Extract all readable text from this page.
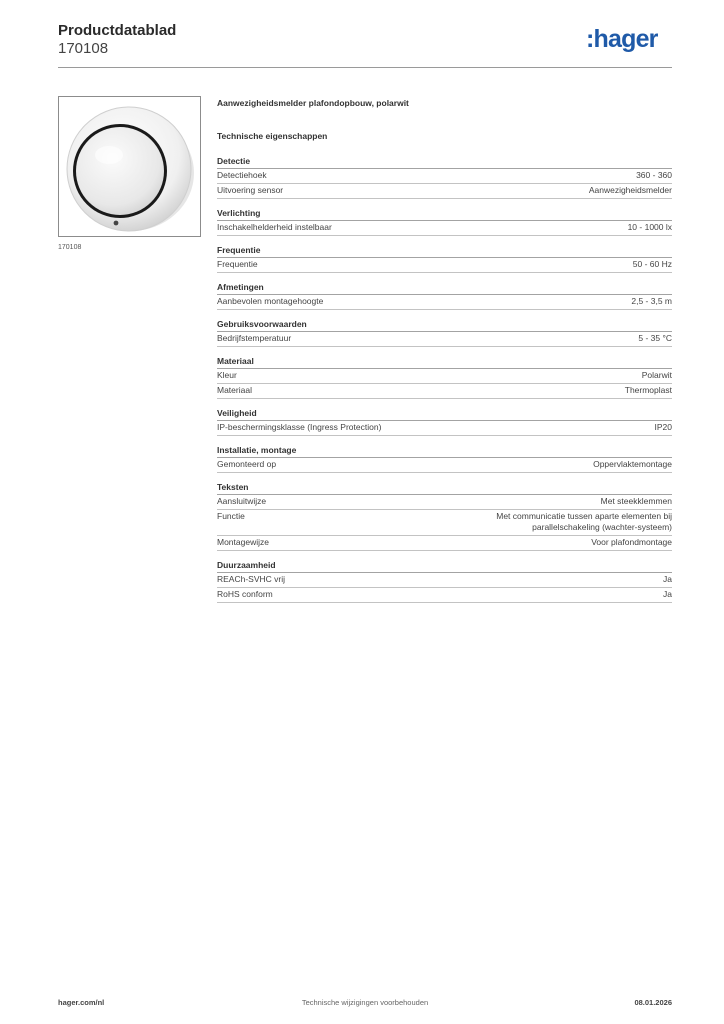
Productdatablad
170108	:hager
170108
Aanwezigheidsmelder plafondopbouw, polarwit
Technische eigenschappen
Detectie
Detectiehoek	360 - 360
Uitvoering sensor	Aanwezigheidsmelder
Verlichting
Inschakelhelderheid instelbaar	10 - 1000 lx
Frequentie
Frequentie	50 - 60 Hz
Afmetingen
Aanbevolen montagehoogte	2,5 - 3,5 m
Gebruiksvoorwaarden
Bedrijfstemperatuur	5 - 35 °C
Materiaal
Kleur	Polarwit
Materiaal	Thermoplast
Veiligheid
IP-beschermingsklasse (Ingress Protection)	IP20
Installatie, montage
Gemonteerd op	Oppervlaktemontage
Teksten
Aansluitwijze	Met steekklemmen
Functie	Met communicatie tussen aparte elementen bij parallelschakeling (wachter-systeem)
Montagewijze	Voor plafondmontage
Duurzaamheid
REACh-SVHC vrij	Ja
RoHS conform	Ja
hager.com/nl	Technische wijzigingen voorbehouden	08.01.2026
